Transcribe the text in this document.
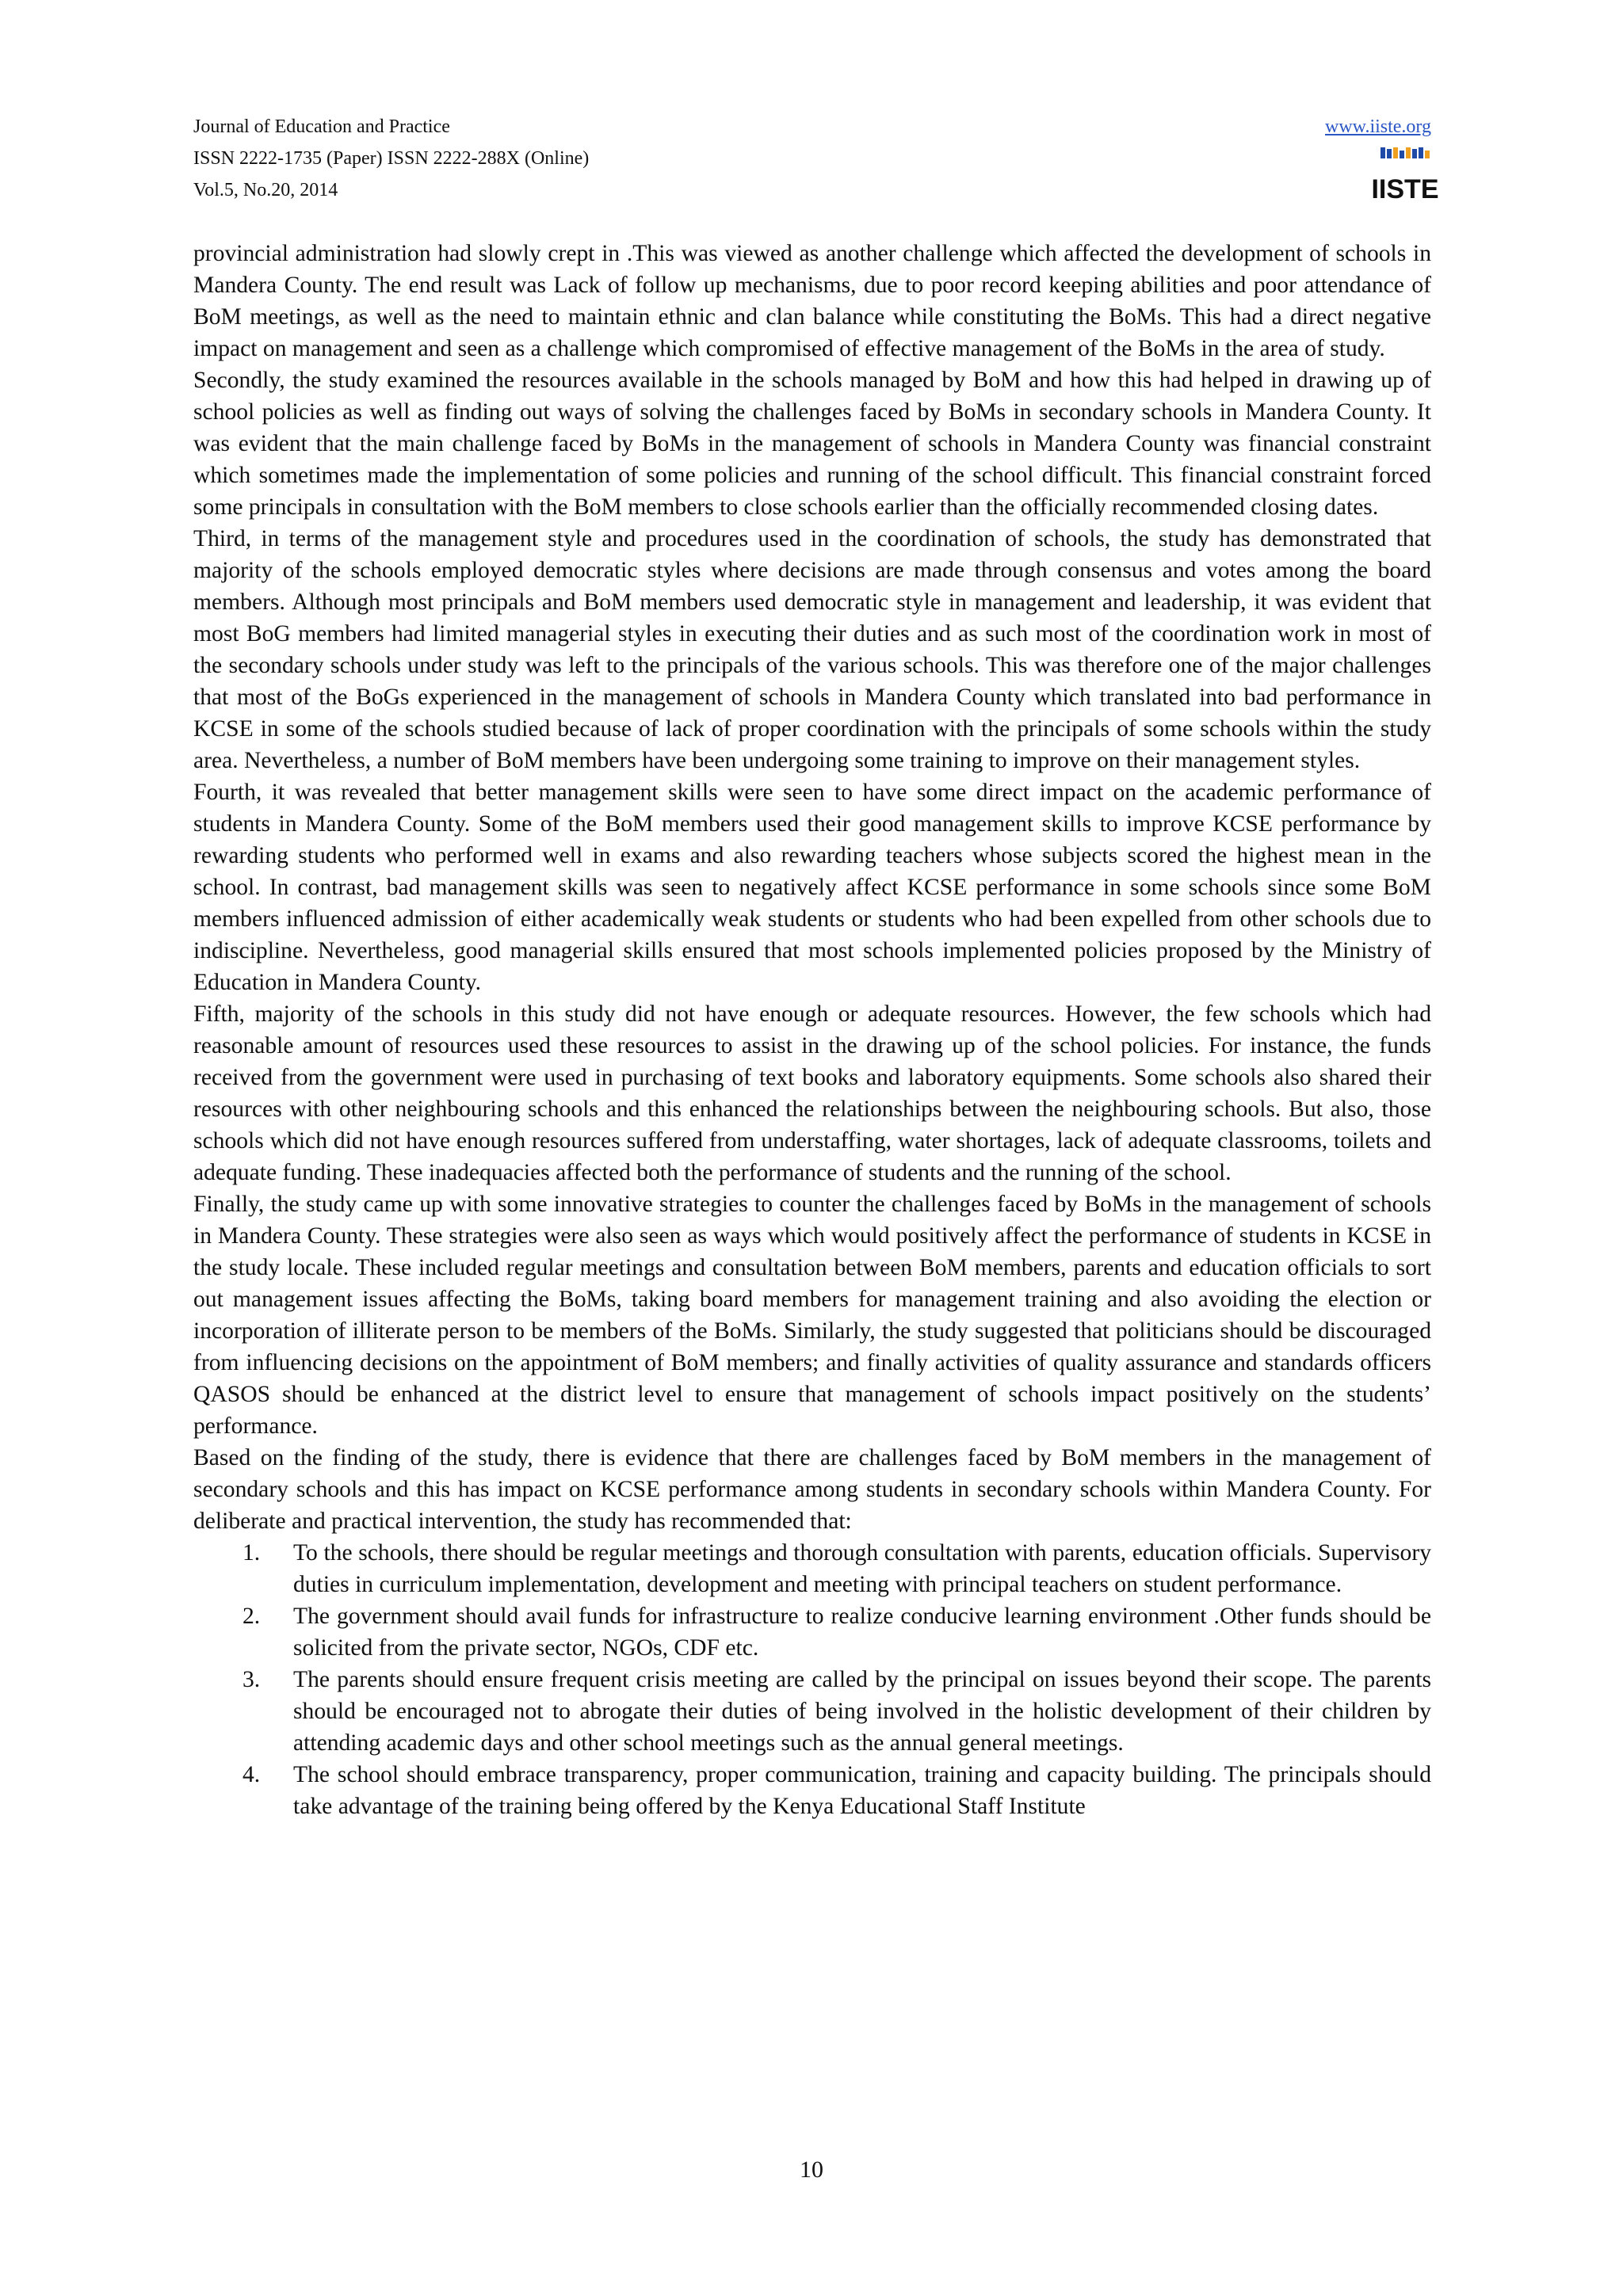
Journal of Education and Practice
ISSN 2222-1735 (Paper) ISSN 2222-288X (Online)
Vol.5, No.20, 2014
www.iiste.org
IISTE

provincial administration had slowly crept in .This was viewed as another challenge which affected the development of schools in Mandera County. The end result was Lack of follow up mechanisms, due to poor record keeping abilities and poor attendance of BoM meetings, as well as the need to maintain ethnic and clan balance while constituting the BoMs. This had a direct negative impact on management and seen as a challenge which compromised of effective management of the BoMs in the area of study.

Secondly, the study examined the resources available in the schools managed by BoM and how this had helped in drawing up of school policies as well as finding out ways of solving the challenges faced by BoMs in secondary schools in Mandera County. It was evident that the main challenge faced by BoMs in the management of schools in Mandera County was financial constraint which sometimes made the implementation of some policies and running of the school difficult. This financial constraint forced some principals in consultation with the BoM members to close schools earlier than the officially recommended closing dates.

Third, in terms of the management style and procedures used in the coordination of schools, the study has demonstrated that majority of the schools employed democratic styles where decisions are made through consensus and votes among the board members. Although most principals and BoM members used democratic style in management and leadership, it was evident that most BoG members had limited managerial styles in executing their duties and as such most of the coordination work in most of the secondary schools under study was left to the principals of the various schools. This was therefore one of the major challenges that most of the BoGs experienced in the management of schools in Mandera County which translated into bad performance in KCSE in some of the schools studied because of lack of proper coordination with the principals of some schools within the study area. Nevertheless, a number of BoM members have been undergoing some training to improve on their management styles.

Fourth, it was revealed that better management skills were seen to have some direct impact on the academic performance of students in Mandera County. Some of the BoM members used their good management skills to improve KCSE performance by rewarding students who performed well in exams and also rewarding teachers whose subjects scored the highest mean in the school. In contrast, bad management skills was seen to negatively affect KCSE performance in some schools since some BoM members influenced admission of either academically weak students or students who had been expelled from other schools due to indiscipline. Nevertheless, good managerial skills ensured that most schools implemented policies proposed by the Ministry of Education in Mandera County.

Fifth, majority of the schools in this study did not have enough or adequate resources. However, the few schools which had reasonable amount of resources used these resources to assist in the drawing up of the school policies. For instance, the funds received from the government were used in purchasing of text books and laboratory equipments. Some schools also shared their resources with other neighbouring schools and this enhanced the relationships between the neighbouring schools. But also, those schools which did not have enough resources suffered from understaffing, water shortages, lack of adequate classrooms, toilets and adequate funding. These inadequacies affected both the performance of students and the running of the school.

Finally, the study came up with some innovative strategies to counter the challenges faced by BoMs in the management of schools in Mandera County. These strategies were also seen as ways which would positively affect the performance of students in KCSE in the study locale. These included regular meetings and consultation between BoM members, parents and education officials to sort out management issues affecting the BoMs, taking board members for management training and also avoiding the election or incorporation of illiterate person to be members of the BoMs. Similarly, the study suggested that politicians should be discouraged from influencing decisions on the appointment of BoM members; and finally activities of quality assurance and standards officers QASOS should be enhanced at the district level to ensure that management of schools impact positively on the students’ performance.

Based on the finding of the study, there is evidence that there are challenges faced by BoM members in the management of secondary schools and this has impact on KCSE performance among students in secondary schools within Mandera County. For deliberate and practical intervention, the study has recommended that:

1. To the schools, there should be regular meetings and thorough consultation with parents, education officials. Supervisory duties in curriculum implementation, development and meeting with principal teachers on student performance.
2. The government should avail funds for infrastructure to realize conducive learning environment .Other funds should be solicited from the private sector, NGOs, CDF etc.
3. The parents should ensure frequent crisis meeting are called by the principal on issues beyond their scope. The parents should be encouraged not to abrogate their duties of being involved in the holistic development of their children by attending academic days and other school meetings such as the annual general meetings.
4. The school should embrace transparency, proper communication, training and capacity building. The principals should take advantage of the training being offered by the Kenya Educational Staff Institute
10
